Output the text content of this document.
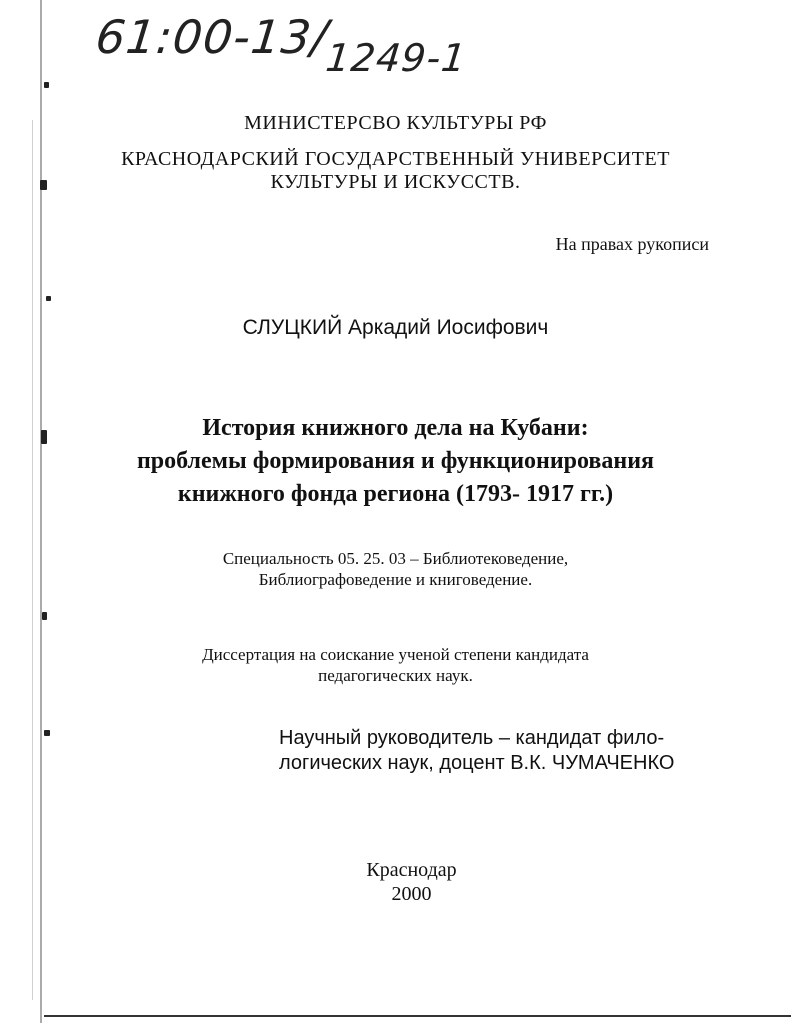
$61:00-13/_{1249-1}$
МИНИСТЕРСВО КУЛЬТУРЫ РФ
КРАСНОДАРСКИЙ ГОСУДАРСТВЕННЫЙ УНИВЕРСИТЕТ
КУЛЬТУРЫ И ИСКУССТВ.
На правах рукописи
СЛУЦКИЙ Аркадий Иосифович
История книжного дела на Кубани:
проблемы формирования и функционирования
книжного фонда региона (1793- 1917 гг.)
Специальность 05. 25. 03 – Библиотековедение,
Библиографоведение и книговедение.
Диссертация на соискание ученой степени кандидата
педагогических наук.
Научный руководитель – кандидат фило-
логических наук, доцент В.К. ЧУМАЧЕНКО
Краснодар
2000
